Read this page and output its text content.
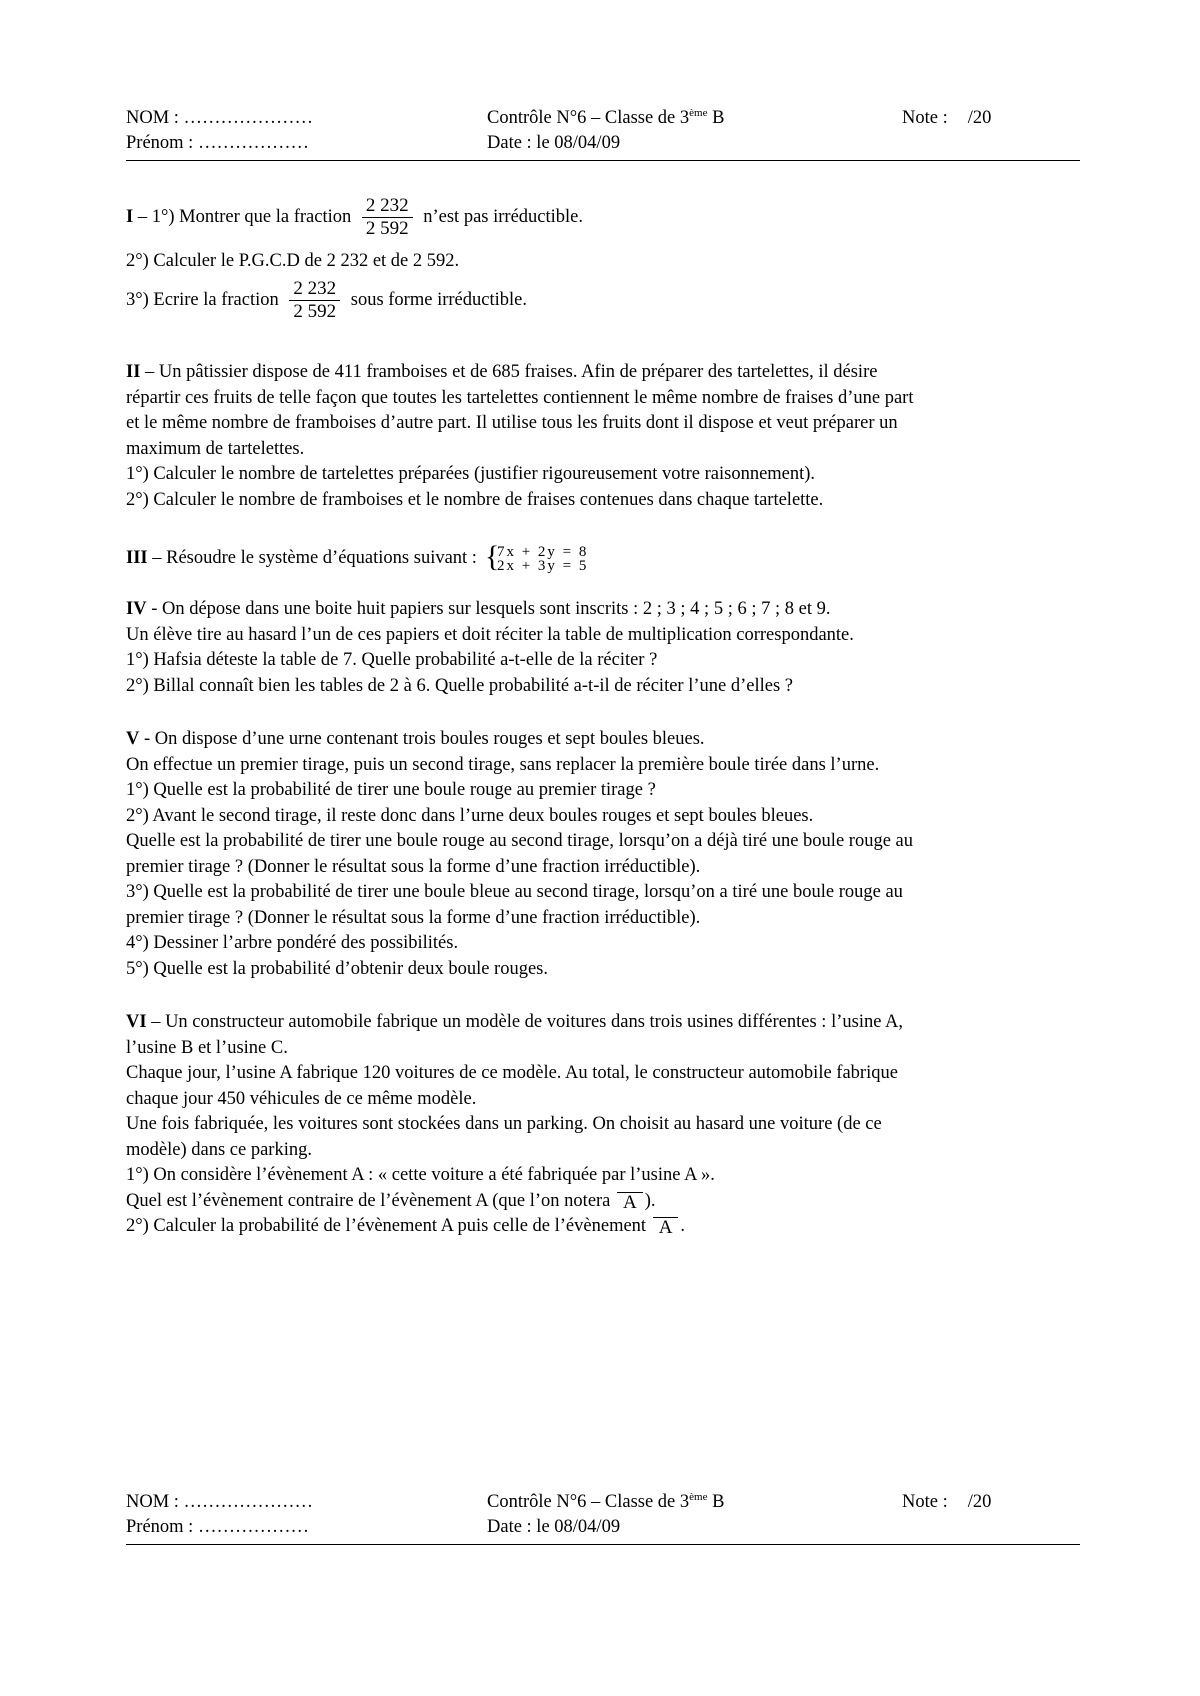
NOM : …………………
Prénom : ………………
Contrôle N°6 – Classe de 3ème B
Date : le 08/04/09
Note : /20
I – 1°) Montrer que la fraction $\frac{2 232}{2 592}$ n’est pas irréductible.
2°) Calculer le P.G.C.D de 2 232 et de 2 592.
3°) Ecrire la fraction $\frac{2 232}{2 592}$ sous forme irréductible.
II – Un pâtissier dispose de 411 framboises et de 685 fraises. Afin de préparer des tartelettes, il désire
répartir ces fruits de telle façon que toutes les tartelettes contiennent le même nombre de fraises d’une part
et le même nombre de framboises d’autre part. Il utilise tous les fruits dont il dispose et veut préparer un
maximum de tartelettes.
1°) Calculer le nombre de tartelettes préparées (justifier rigoureusement votre raisonnement).
2°) Calculer le nombre de framboises et le nombre de fraises contenues dans chaque tartelette.
III – Résoudre le système d’équations suivant : {
7x + 2y = 8
2x + 3y = 5
IV - On dépose dans une boite huit papiers sur lesquels sont inscrits : 2 ; 3 ; 4 ; 5 ; 6 ; 7 ; 8 et 9.
Un élève tire au hasard l’un de ces papiers et doit réciter la table de multiplication correspondante.
1°) Hafsia déteste la table de 7. Quelle probabilité a-t-elle de la réciter ?
2°) Billal connaît bien les tables de 2 à 6. Quelle probabilité a-t-il de réciter l’une d’elles ?
V - On dispose d’une urne contenant trois boules rouges et sept boules bleues.
On effectue un premier tirage, puis un second tirage, sans replacer la première boule tirée dans l’urne.
1°) Quelle est la probabilité de tirer une boule rouge au premier tirage ?
2°) Avant le second tirage, il reste donc dans l’urne deux boules rouges et sept boules bleues.
Quelle est la probabilité de tirer une boule rouge au second tirage, lorsqu’on a déjà tiré une boule rouge au
premier tirage ? (Donner le résultat sous la forme d’une fraction irréductible).
3°) Quelle est la probabilité de tirer une boule bleue au second tirage, lorsqu’on a tiré une boule rouge au
premier tirage ? (Donner le résultat sous la forme d’une fraction irréductible).
4°) Dessiner l’arbre pondéré des possibilités.
5°) Quelle est la probabilité d’obtenir deux boule rouges.
VI – Un constructeur automobile fabrique un modèle de voitures dans trois usines différentes : l’usine A,
l’usine B et l’usine C.
Chaque jour, l’usine A fabrique 120 voitures de ce modèle. Au total, le constructeur automobile fabrique
chaque jour 450 véhicules de ce même modèle.
Une fois fabriquée, les voitures sont stockées dans un parking. On choisit au hasard une voiture (de ce
modèle) dans ce parking.
1°) On considère l’évènement A : « cette voiture a été fabriquée par l’usine A ».
Quel est l’évènement contraire de l’évènement A (que l’on notera A ).
2°) Calculer la probabilité de l’évènement A puis celle de l’évènement A .
NOM : …………………
Prénom : ………………
Contrôle N°6 – Classe de 3ème B
Date : le 08/04/09
Note : /20
